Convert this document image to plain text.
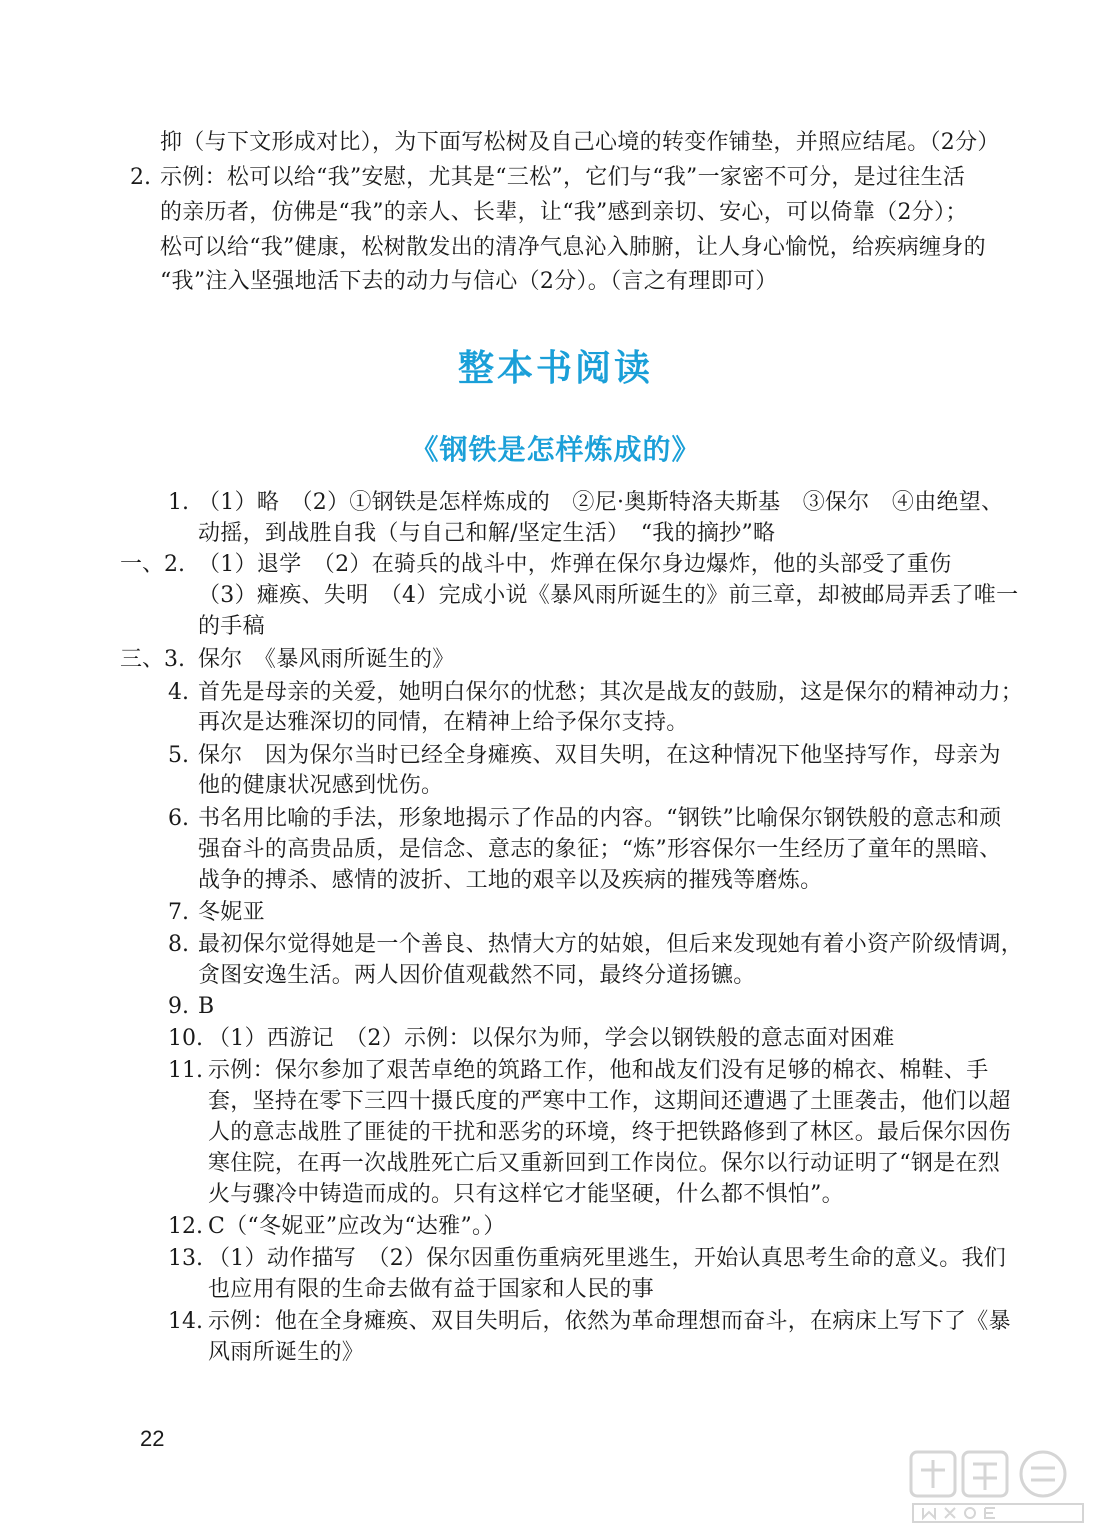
抑（与下文形成对比），为下面写松树及自己心境的转变作铺垫，并照应结尾。（2分）
2. 示例：松可以给“我”安慰，尤其是“三松”，它们与“我”一家密不可分，是过往生活
的亲历者，仿佛是“我”的亲人、长辈，让“我”感到亲切、安心，可以倚靠（2分）；
松可以给“我”健康，松树散发出的清净气息沁入肺腑，让人身心愉悦，给疾病缠身的
“我”注入坚强地活下去的动力与信心（2分）。（言之有理即可）
整本书阅读
《钢铁是怎样炼成的》
1. （1）略　（2）①钢铁是怎样炼成的　②尼·奥斯特洛夫斯基　③保尔　④由绝望、
动摇，到战胜自我（与自己和解/坚定生活）　“我的摘抄”略
一、2. （1）退学　（2）在骑兵的战斗中，炸弹在保尔身边爆炸，他的头部受了重伤
（3）瘫痪、失明　（4）完成小说《暴风雨所诞生的》前三章，却被邮局弄丢了唯一
的手稿
三、3. 保尔　《暴风雨所诞生的》
4. 首先是母亲的关爱，她明白保尔的忧愁；其次是战友的鼓励，这是保尔的精神动力；
再次是达雅深切的同情，在精神上给予保尔支持。
5. 保尔　因为保尔当时已经全身瘫痪、双目失明，在这种情况下他坚持写作，母亲为
他的健康状况感到忧伤。
6. 书名用比喻的手法，形象地揭示了作品的内容。“钢铁”比喻保尔钢铁般的意志和顽
强奋斗的高贵品质，是信念、意志的象征；“炼”形容保尔一生经历了童年的黑暗、
战争的搏杀、感情的波折、工地的艰辛以及疾病的摧残等磨炼。
7. 冬妮亚
8. 最初保尔觉得她是一个善良、热情大方的姑娘，但后来发现她有着小资产阶级情调，
贪图安逸生活。两人因价值观截然不同，最终分道扬镳。
9. B
10. （1）西游记　（2）示例：以保尔为师，学会以钢铁般的意志面对困难
11. 示例：保尔参加了艰苦卓绝的筑路工作，他和战友们没有足够的棉衣、棉鞋、手
套，坚持在零下三四十摄氏度的严寒中工作，这期间还遭遇了土匪袭击，他们以超
人的意志战胜了匪徒的干扰和恶劣的环境，终于把铁路修到了林区。最后保尔因伤
寒住院，在再一次战胜死亡后又重新回到工作岗位。保尔以行动证明了“钢是在烈
火与骤冷中铸造而成的。只有这样它才能坚硬，什么都不惧怕”。
12. C（“冬妮亚”应改为“达雅”。）
13. （1）动作描写　（2）保尔因重伤重病死里逃生，开始认真思考生命的意义。我们
也应用有限的生命去做有益于国家和人民的事
14. 示例：他在全身瘫痪、双目失明后，依然为革命理想而奋斗，在病床上写下了《暴
风雨所诞生的》
22
